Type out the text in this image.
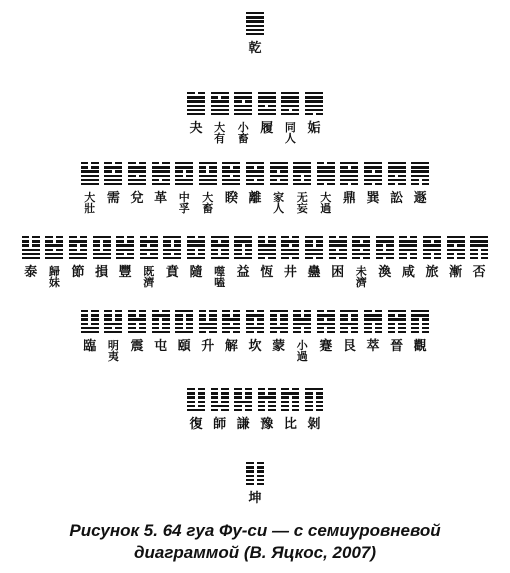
乾
夬	大
有
小
畜
履	同
人
姤
大
壯
需 兌 革	中
孚
大
畜
睽 離	家
人
无
妄
大
過
鼎 巽 訟 遯
泰	歸
妹
節 損 豐	既
濟
賁 隨	噬
嗑
益 恆 井 蠱 困	未
濟
渙 咸 旅 漸 否
臨	明
夷
震 屯 頤 升 解 坎 蒙	小
過
蹇 艮 萃 晉 觀
復 師 謙 豫 比 剝
坤
Рисунок 5. 64 гуа Фу-си — с семиуровневой
диаграммой (В. Яцкос, 2007)
